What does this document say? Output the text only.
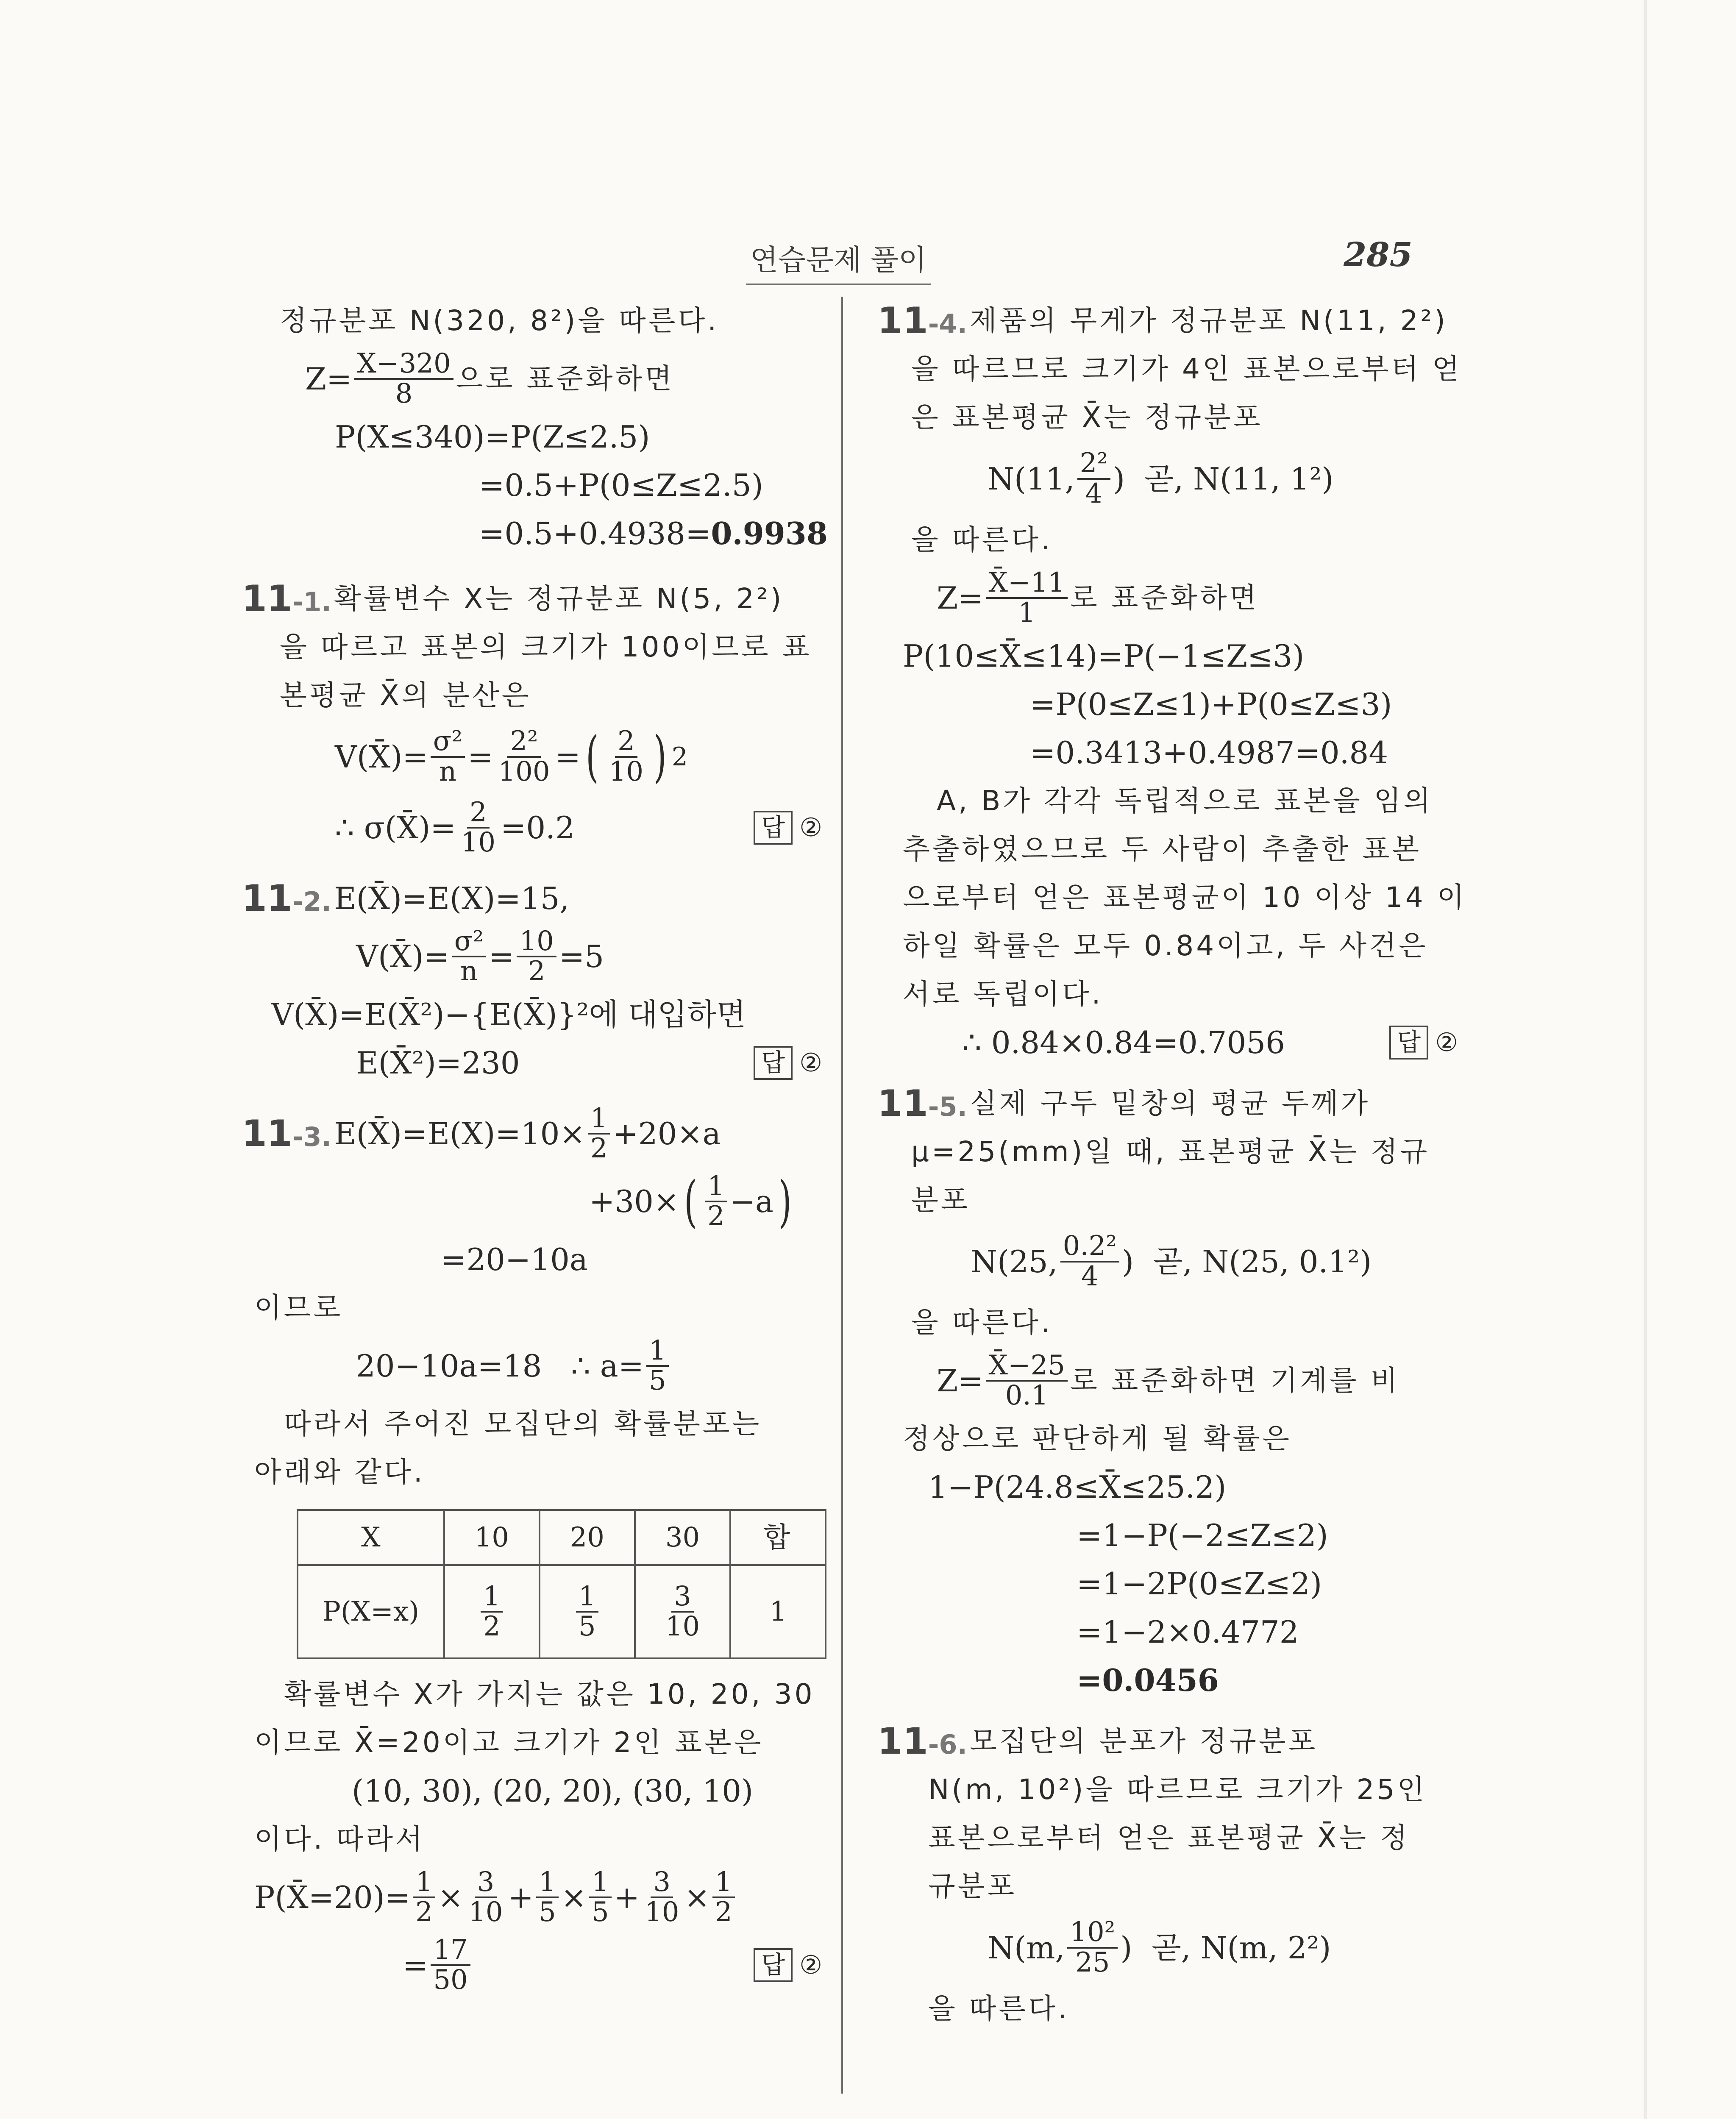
연습문제 풀이	285
정규분포 N(320, 8²)을 따른다.
$Z= \frac{X-320}{8}$ 으로 표준화하면
P(X≤340)=P(Z≤2.5)
=0.5+P(0≤Z≤2.5)
=0.5+0.4938= 0.9938
11-1. 확률변수 X는 정규분포 N(5, 2²)
을 따르고 표본의 크기가 100이므로 표
본평균 X̄의 분산은
V(X̄)= $\frac{\text{σ²}}{n} = \frac{\text{2²}}{100}$ = ( $\frac{2}{10}$ ) 2
∴ σ(X̄)= $\frac{2}{10} =0.2$	답 ②
11-2. E(X̄)=E(X)=15,
V(X̄)= $\frac{\text{σ²}}{n} = \frac{10}{2} =5$
V(X̄)=E(X̄²)−{E(X̄)}²에 대입하면
E(X̄²)=230	답 ②
11-3. E(X̄)=E(X)=10× $\frac{1}{2} +20\times a$
+30× ( $\frac{1}{2} -a$ )
=20−10a
이므로
20−10a=18   ∴ $a= \frac{1}{5}$
따라서 주어진 모집단의 확률분포는
아래와 같다.
X	10	20	30	합
P(X=x)	$\frac{1}{2}$	$\frac{1}{5}$	$\frac{3}{10}$	1
확률변수 X가 가지는 값은 10, 20, 30
이므로 X̄=20이고 크기가 2인 표본은
(10, 30), (20, 20), (30, 10)
이다. 따라서
P(X̄=20)= $\frac{1}{2} \times \frac{3}{10} + \frac{1}{5} \times \frac{1}{5} + \frac{3}{10} \times \frac{1}{2}$
= $\frac{17}{50}$	답 ②
11-4. 제품의 무게가 정규분포 N(11, 2²)
을 따르므로 크기가 4인 표본으로부터 얻
은 표본평균 X̄는 정규분포
N(11, $\frac{\text{2²}}{4}$ )  곧, N(11, 1²)
을 따른다.
$Z= \frac{X̄-11}{1}$ 로 표준화하면
P(10≤X̄≤14)=P(−1≤Z≤3)
=P(0≤Z≤1)+P(0≤Z≤3)
=0.3413+0.4987=0.84
A, B가 각각 독립적으로 표본을 임의
추출하였으므로 두 사람이 추출한 표본
으로부터 얻은 표본평균이 10 이상 14 이
하일 확률은 모두 0.84이고, 두 사건은
서로 독립이다.
∴ 0.84×0.84=0.7056	답 ②
11-5. 실제 구두 밑창의 평균 두께가
μ=25(mm)일 때, 표본평균 X̄는 정규
분포
N(25, $\frac{\text{0.2²}}{4}$ )  곧, N(25, 0.1²)
을 따른다.
$Z= \frac{X̄-25}{0.1}$ 로 표준화하면 기계를 비
정상으로 판단하게 될 확률은
1−P(24.8≤X̄≤25.2)
=1−P(−2≤Z≤2)
=1−2P(0≤Z≤2)
=1−2×0.4772
=0.0456
11-6. 모집단의 분포가 정규분포
N(m, 10²)을 따르므로 크기가 25인
표본으로부터 얻은 표본평균 X̄는 정
규분포
N(m, $\frac{\text{10²}}{25}$ )  곧, N(m, 2²)
을 따른다.
